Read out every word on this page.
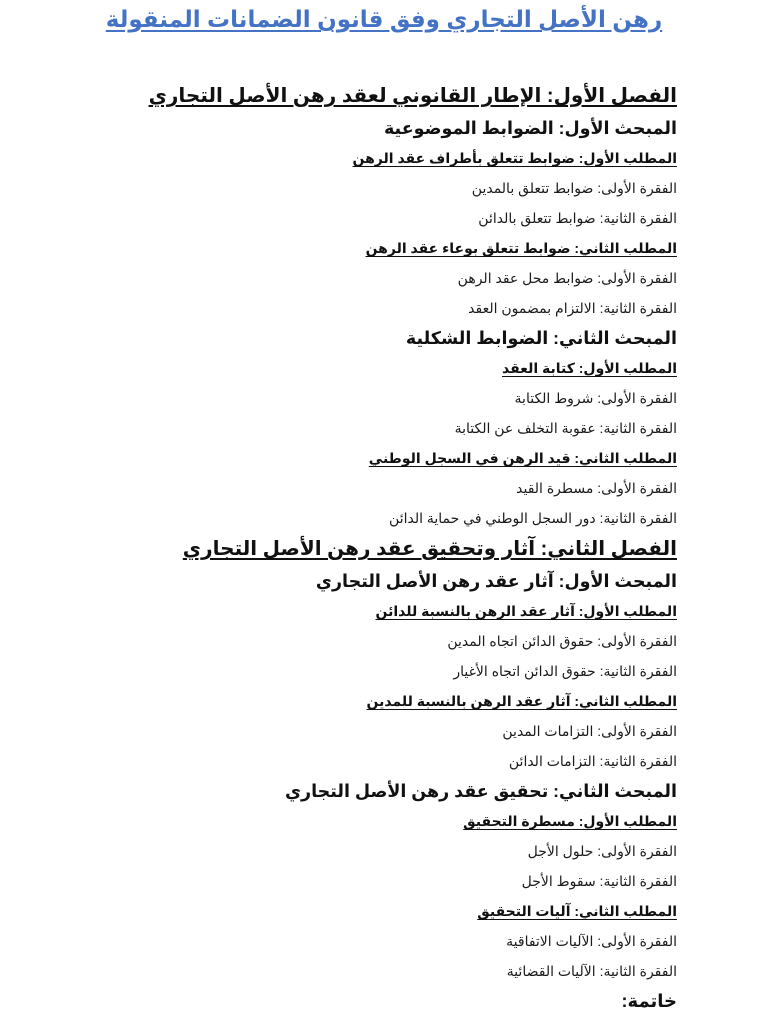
رهن الأصل التجاري وفق قانون الضمانات المنقولة
الفصل الأول: الإطار القانوني لعقد رهن الأصل التجاري
المبحث الأول: الضوابط الموضوعية
المطلب الأول: ضوابط تتعلق بأطراف عقد الرهن
الفقرة الأولى: ضوابط تتعلق بالمدين
الفقرة الثانية: ضوابط تتعلق بالدائن
المطلب الثاني: ضوابط تتعلق بوعاء عقد الرهن
الفقرة الأولى: ضوابط محل عقد الرهن
الفقرة الثانية: الالتزام بمضمون العقد
المبحث الثاني: الضوابط الشكلية
المطلب الأول: كتابة العقد
الفقرة الأولى: شروط الكتابة
الفقرة الثانية: عقوبة التخلف عن الكتابة
المطلب الثاني: قيد الرهن في السجل الوطني
الفقرة الأولى: مسطرة القيد
الفقرة الثانية: دور السجل الوطني في حماية الدائن
الفصل الثاني: آثار وتحقيق عقد رهن الأصل التجاري
المبحث الأول: آثار عقد رهن الأصل التجاري
المطلب الأول: آثار عقد الرهن بالنسبة للدائن
الفقرة الأولى: حقوق الدائن اتجاه المدين
الفقرة الثانية: حقوق الدائن اتجاه الأغيار
المطلب الثاني: آثار عقد الرهن بالنسبة للمدين
الفقرة الأولى: التزامات المدين
الفقرة الثانية: التزامات الدائن
المبحث الثاني: تحقيق عقد رهن الأصل التجاري
المطلب الأول: مسطرة التحقيق
الفقرة الأولى: حلول الأجل
الفقرة الثانية: سقوط الأجل
المطلب الثاني: آليات التحقيق
الفقرة الأولى: الآليات الاتفاقية
الفقرة الثانية: الآليات القضائية
خاتمة:
